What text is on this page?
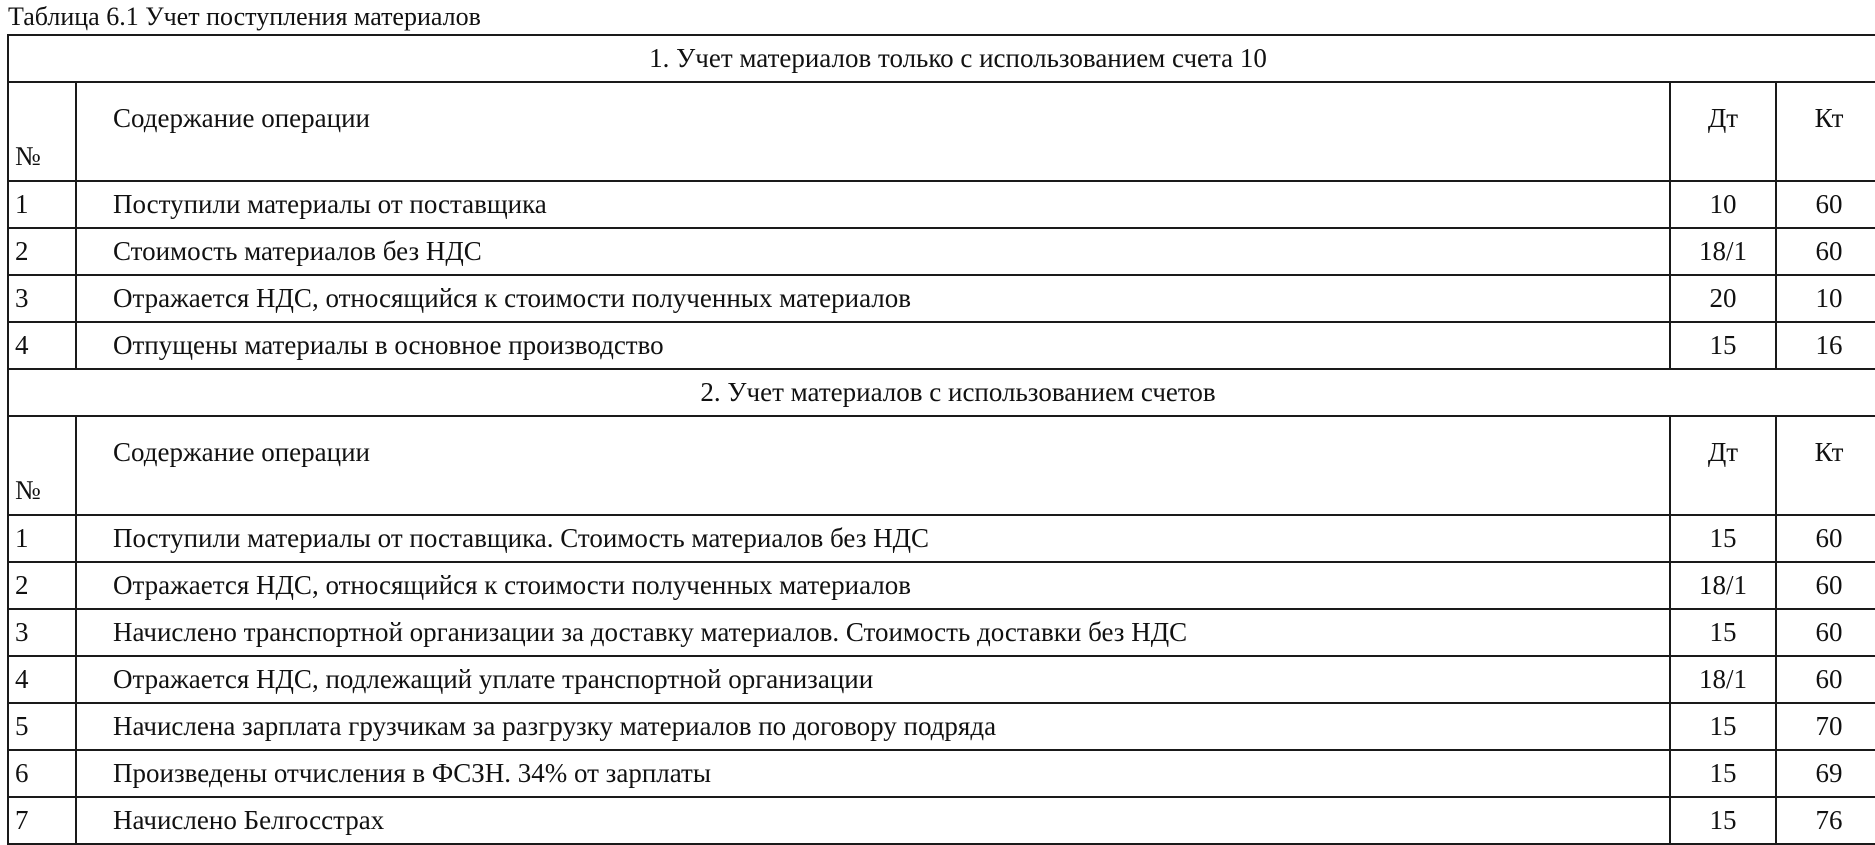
Таблица 6.1 Учет поступления материалов
1. Учет материалов только с использованием счета 10				
№	Содержание операции	Дт	Кт	
1	Поступили материалы от поставщика	10	60	
2	Стоимость материалов без НДС	18/1	60	
3	Отражается НДС, относящийся к стоимости полученных материалов	20	10	
4	Отпущены материалы в основное производство	15	16	
2. Учет материалов с использованием счетов				
№	Содержание операции	Дт	Кт	
1	Поступили материалы от поставщика. Стоимость материалов без НДС	15	60	
2	Отражается НДС, относящийся к стоимости полученных материалов	18/1	60	
3	Начислено транспортной организации за доставку материалов. Стоимость доставки без НДС	15	60	
4	Отражается НДС, подлежащий уплате транспортной организации	18/1	60	
5	Начислена зарплата грузчикам за разгрузку материалов по договору подряда	15	70	
6	Произведены отчисления в ФСЗН. 34% от зарплаты	15	69	
7	Начислено Белгосстрах	15	76	
